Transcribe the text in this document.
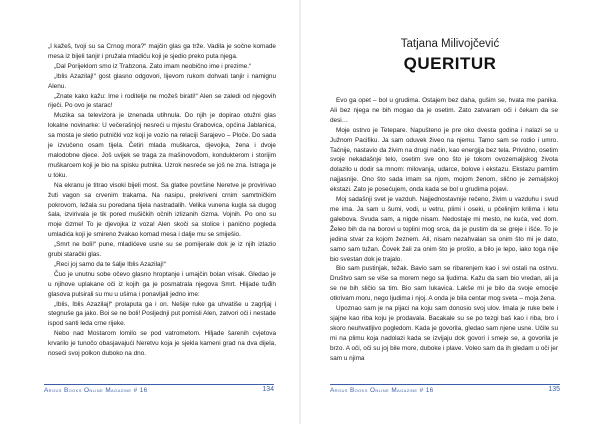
„I kažeš, tvoji su sa Crnog mora?“ majčin glas ga trže. Vadila je sočne komade mesa iz bijeli tanjir i pružala mladiću koji je sjedio preko puta njega.

„Dal Porijeklom smo iz Trabzona. Zato imam neobično ime i prezime.“

„Iblis Azazilaj!“ gost glasno odgovori, lijevom rukom dohvati tanjir i namignu Alenu.

„Znate kako kažu: Ime i roditelje ne možeš birati!“ Alen se zaledi od njegovih riječi. Po ovo je starac!

Muzika sa televizora je iznenada utihnula. Do njih je dopirao otužni glas lokalne novinarke: U večerašnjoj nesreći u mjestu Grabovica, općina Jablanica, sa mosta je sletio putnički voz koji je vozio na relaciji Sarajevo – Ploče. Do sada je izvučeno osam tijela. Četiri mlada muškarca, djevojka, žena i dvoje malodobne djece. Još uvijek se traga za mašinovođom, kondukterom i storijim muškarcem koji je bio na spisku putnika. Uzrok nesreće se još ne zna. Istraga je u toku.

Na ekranu je titrao visoki bijeli most. Sa glatke površine Neretve je provirivao žuti vagon sa crvenim trakama. Na nasipu, prekriveni crnim samrtničkim pokrovom, ležala su poredana tijela nastradalih. Velika vunena kugla sa dugog šala, izvirivala je tik pored mušičkih očnih izlizanih čizma. Vojnih. Po ono su moje čizme! To je djevojka iz voza! Alen skoči sa stolice i panično pogleda umladića koji je smireno žvakao komad mesa i dalje mu se smiješio.

„Smrt ne boli!“ pune, mladićeve usne su se pomijerale dok je iz njih izlazio grubi starački glas.

„Reci joj samo da te šalje Iblis Azazilaj!“

Čuo je unutnu sobe očevo glasno hroptanje i umajčin bolan vrisak. Gledao je u njihove uplakane oči iz kojih ga je posmatrala njegova Smrt. Hlijade tuđih glasova pulsirali su mu u ušima i ponavljali jedno ime:

„Iblis, Iblis Azazilaj!“ prolaputa ga i on. Nešije ruke ga uhvatiše u zagrljaj i stegnuše ga jako. Boi se ne boli! Posljednji put pomisli Alen, zatvori oči i nestade ispod santi leda crne rijeke.

Nebo nad Mostarom lomilo se pod vatrometom. Hiljade šarenih cvjetova krvarilo je tunočo obasjavajući Neretvu koja je sjekla kameni grad na dva dijela, noseći svoj polkon duboko na dno.

Argus Books Online Magazine # 16	134
Tatjana Milivojčević
QUERITUR

Evo ga opet – bol u grudima. Ostajem bez daha, gušim se, hvata me panika. Ali bez njega ne bih mogao da je osetim. Zato zatvaram oči i čekam da se desi…

Moje ostrvo je Tetepare. Napušteno je pre oko dvesta godina i nalazi se u Južnom Pacifiku. Ja sam oduvek živeo na njemu. Tamo sam se rodio i umro. Tačnije, nastavio da živim na drugi način, kao energija bez tela. Prividno, osetim svoje nekadašnje telo, osetim sve ono što je tokom ovozemaljskog života dolazilo u dodir sa mnom: milovanja, udarce, bolove i ekstazu. Ekstazu pamtim najjasnije. Ono što sada imam sa njom, mojom ženom, slično je zemaljskoj ekstazi. Zato je posećujem, onda kada se bol u grudima pojavi.

Moj sadašnji svet je vazduh. Najjednostavnije rečeno, živim u vazduhu i svud me ima. Ja sam u šumi, vodi, u vetru, plimi i oseki, u pčelinjim krilima i letu galebova. Svuda sam, a nigde nisam. Nedostaje mi mesto, ne kuća, već dom. Želeo bih da na borovi u toplini mog srca, da je pustim da se greje i išće. To je jedina stvar za kojom žeznem. Ali, nisam nezahvalan sa onim što mi je dato, samo sam tužan. Čovek žali za onim što je prošlo, a bilo je lepo, iako toga nije bio svestan dok je trajalo.

Bio sam pustinjak, težak. Bavio sam se ribarenjem kao i svi ostali na ostrvu. Društvo sam se više sa morem nego sa ljudima. Kažu da sam bio vredan, ali ja se ne bih sličio sa tim. Bio sam lukavica. Lakše mi je bilo da svoje emocije otkrivam moru, nego ljudima i njoj. A onda je bila centar mog sveta – moja žena.

Upoznao sam je na pijaci na koju sam donosio svoj ulov. Imala je ruke bele i sjajne kao riba koju je prodavala. Bacakale su se po tezgi baš kao i riba, bro i skoro neuhvatljivo pogledom. Kada je govorila, gledao sam njene usne. Učile su mi na plimu koja nadolazi kada se izvijaju dok govori i smeje se, a govorila je brzo. A oči, oči su joj bile more, duboke i plave. Volео sam da ih gledam u oči jer sam u njima

Argus Books Online Magazine # 16	135
